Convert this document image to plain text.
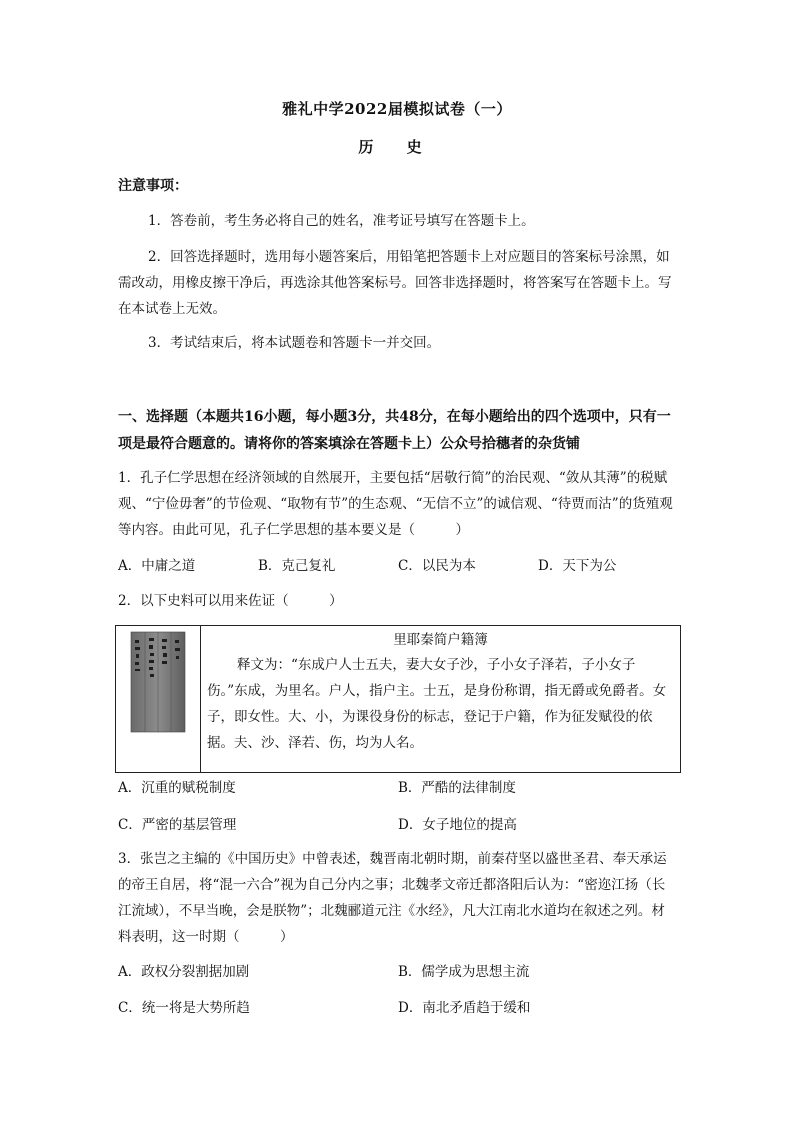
雅礼中学2022届模拟试卷（一）
历 史
注意事项：
1．答卷前，考生务必将自己的姓名，准考证号填写在答题卡上。
2．回答选择题时，选用每小题答案后，用铅笔把答题卡上对应题目的答案标号涂黑，如需改动，用橡皮擦干净后，再选涂其他答案标号。回答非选择题时，将答案写在答题卡上。写在本试卷上无效。
3．考试结束后，将本试题卷和答题卡一并交回。
一、选择题（本题共16小题，每小题3分，共48分，在每小题给出的四个选项中，只有一项是最符合题意的。请将你的答案填涂在答题卡上）公众号拾穗者的杂货铺
1．孔子仁学思想在经济领域的自然展开，主要包括“居敬行简”的治民观、“敛从其薄”的税赋观、“宁俭毋奢”的节俭观、“取物有节”的生态观、“无信不立”的诚信观、“待贾而沽”的货殖观等内容。由此可见，孔子仁学思想的基本要义是（　　　）
A．中庸之道	B．克己复礼	C．以民为本	D．天下为公
2．以下史料可以用来佐证（　　　）

里耶秦简户籍簿
释文为：“东成户人士五夫，妻大女子沙，子小女子泽若，子小女子伤。”东成，为里名。户人，指户主。士五，是身份称谓，指无爵或免爵者。女子，即女性。大、小，为课役身份的标志，登记于户籍，作为征发赋役的依据。夫、沙、泽若、伤，均为人名。
A．沉重的赋税制度	B．严酷的法律制度
C．严密的基层管理	D．女子地位的提高
3．张岂之主编的《中国历史》中曾表述，魏晋南北朝时期，前秦苻坚以盛世圣君、奉天承运的帝王自居，将“混一六合”视为自己分内之事；北魏孝文帝迁都洛阳后认为：“密迩江扬（长江流域），不早当晚，会是朕物”；北魏郦道元注《水经》，凡大江南北水道均在叙述之列。材料表明，这一时期（　　　）
A．政权分裂割据加剧	B．儒学成为思想主流
C．统一将是大势所趋	D．南北矛盾趋于缓和
